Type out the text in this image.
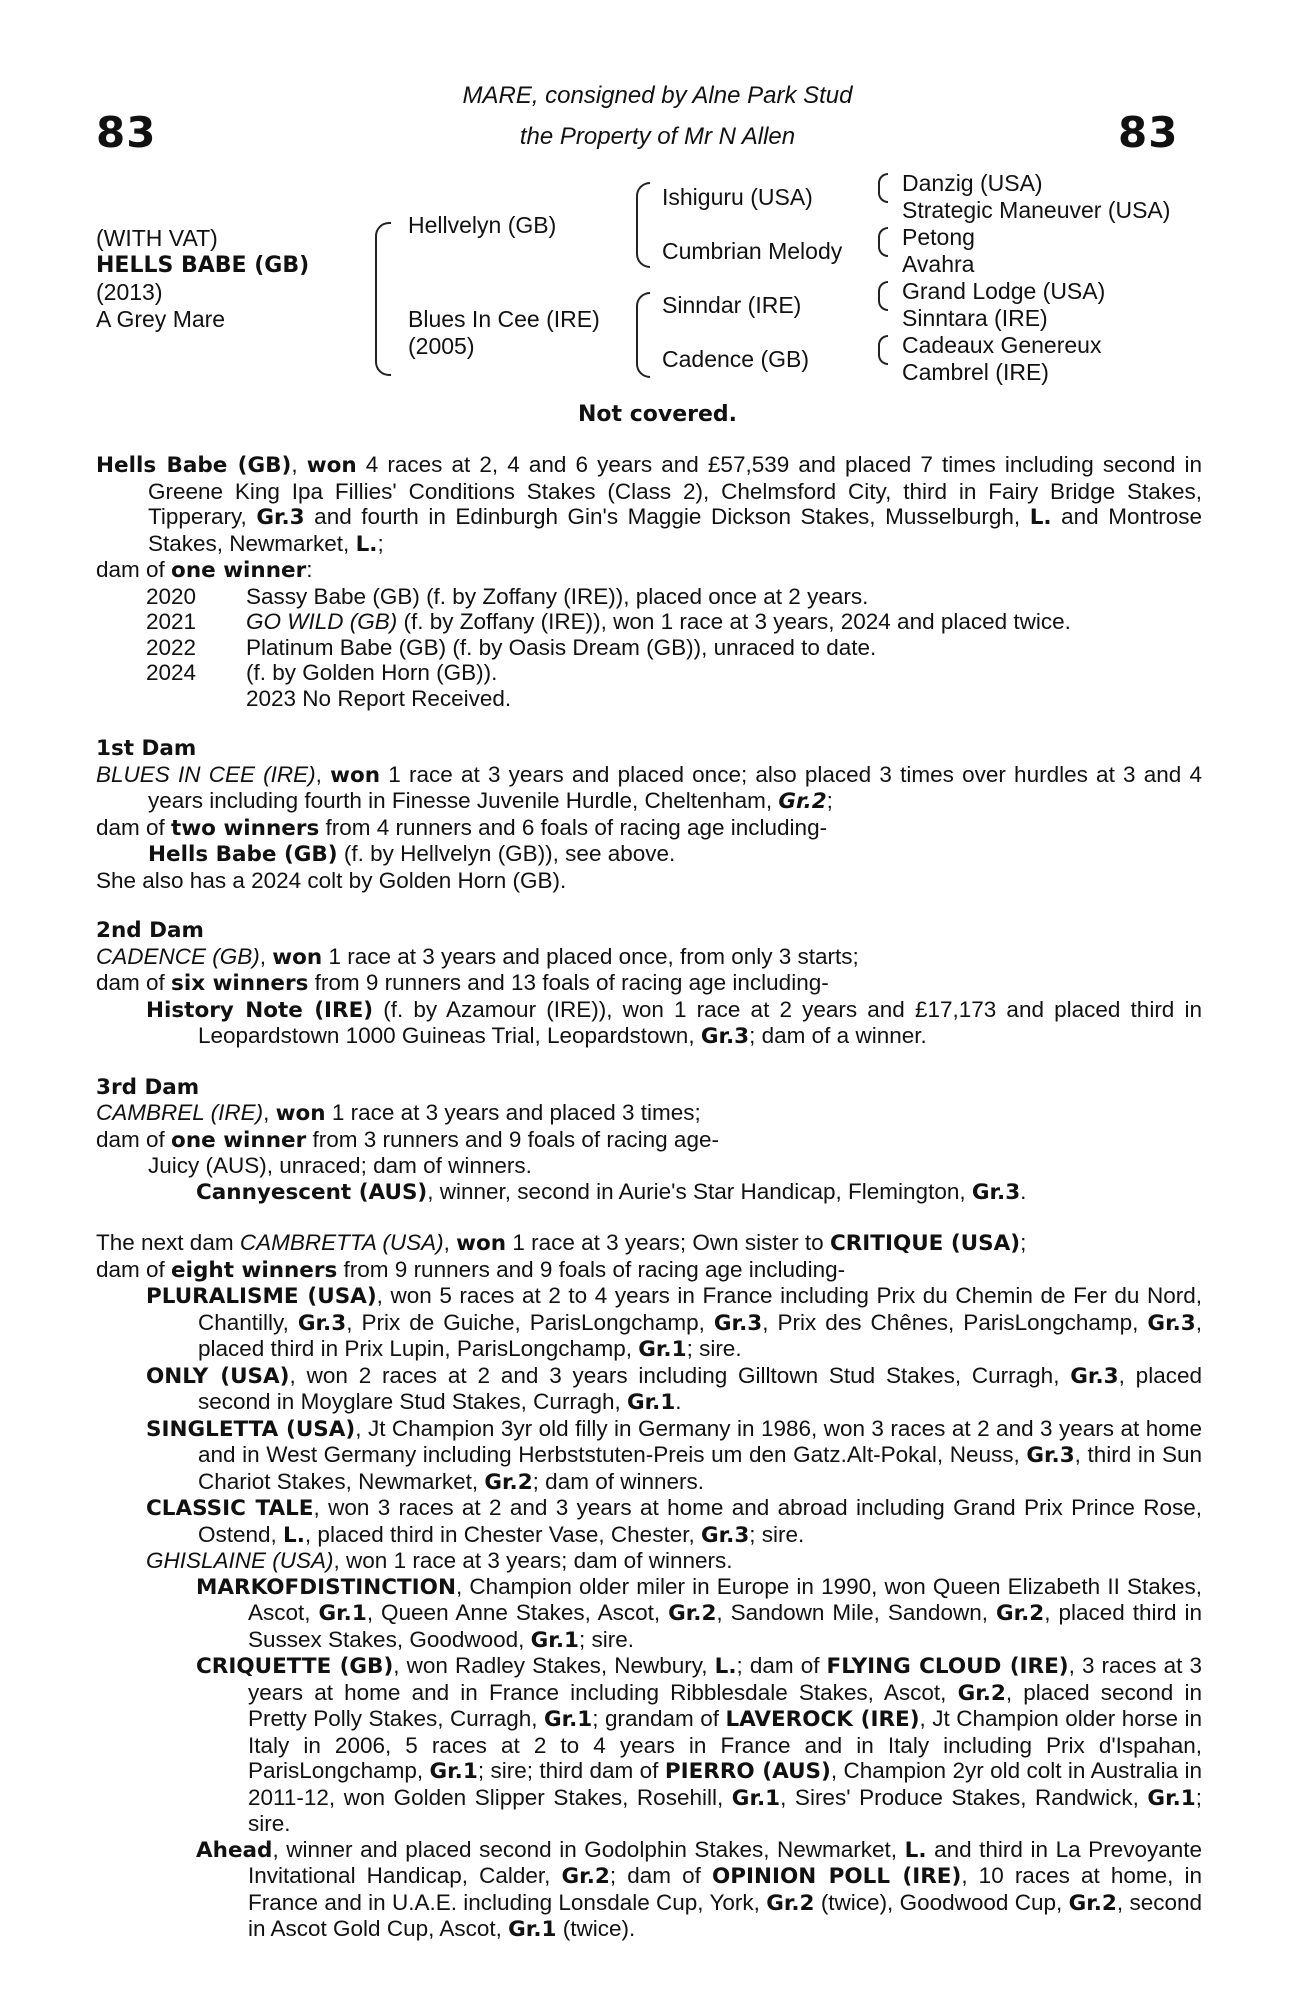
83	83
MARE, consigned by Alne Park Stud
the Property of Mr N Allen
(WITH VAT)
HELLS BABE (GB)
(2013)
A Grey Mare
Hellvelyn (GB)
Blues In Cee (IRE)
(2005)
Ishiguru (USA)
Cumbrian Melody
Sinndar (IRE)
Cadence (GB)
Danzig (USA)
Strategic Maneuver (USA)
Petong
Avahra
Grand Lodge (USA)
Sinntara (IRE)
Cadeaux Genereux
Cambrel (IRE)
Not covered.

Hells Babe (GB), won 4 races at 2, 4 and 6 years and £57,539 and placed 7 times including second in Greene King Ipa Fillies' Conditions Stakes (Class 2), Chelmsford City, third in Fairy Bridge Stakes, Tipperary, Gr.3 and fourth in Edinburgh Gin's Maggie Dickson Stakes, Musselburgh, L. and Montrose Stakes, Newmarket, L.;

dam of one winner:

2020	Sassy Babe (GB) (f. by Zoffany (IRE)), placed once at 2 years.
2021	GO WILD (GB) (f. by Zoffany (IRE)), won 1 race at 3 years, 2024 and placed twice.
2022	Platinum Babe (GB) (f. by Oasis Dream (GB)), unraced to date.
2024	(f. by Golden Horn (GB)).
2023 No Report Received.

1st Dam

BLUES IN CEE (IRE), won 1 race at 3 years and placed once; also placed 3 times over hurdles at 3 and 4 years including fourth in Finesse Juvenile Hurdle, Cheltenham, Gr.2;

dam of two winners from 4 runners and 6 foals of racing age including-

Hells Babe (GB) (f. by Hellvelyn (GB)), see above.

She also has a 2024 colt by Golden Horn (GB).

2nd Dam

CADENCE (GB), won 1 race at 3 years and placed once, from only 3 starts;

dam of six winners from 9 runners and 13 foals of racing age including-

History Note (IRE) (f. by Azamour (IRE)), won 1 race at 2 years and £17,173 and placed third in Leopardstown 1000 Guineas Trial, Leopardstown, Gr.3; dam of a winner.

3rd Dam

CAMBREL (IRE), won 1 race at 3 years and placed 3 times;

dam of one winner from 3 runners and 9 foals of racing age-

Juicy (AUS), unraced; dam of winners.

Cannyescent (AUS), winner, second in Aurie's Star Handicap, Flemington, Gr.3.

The next dam CAMBRETTA (USA), won 1 race at 3 years; Own sister to CRITIQUE (USA);

dam of eight winners from 9 runners and 9 foals of racing age including-

PLURALISME (USA), won 5 races at 2 to 4 years in France including Prix du Chemin de Fer du Nord, Chantilly, Gr.3, Prix de Guiche, ParisLongchamp, Gr.3, Prix des Chênes, ParisLongchamp, Gr.3, placed third in Prix Lupin, ParisLongchamp, Gr.1; sire.

ONLY (USA), won 2 races at 2 and 3 years including Gilltown Stud Stakes, Curragh, Gr.3, placed second in Moyglare Stud Stakes, Curragh, Gr.1.

SINGLETTA (USA), Jt Champion 3yr old filly in Germany in 1986, won 3 races at 2 and 3 years at home and in West Germany including Herbststuten-Preis um den Gatz.Alt-Pokal, Neuss, Gr.3, third in Sun Chariot Stakes, Newmarket, Gr.2; dam of winners.

CLASSIC TALE, won 3 races at 2 and 3 years at home and abroad including Grand Prix Prince Rose, Ostend, L., placed third in Chester Vase, Chester, Gr.3; sire.

GHISLAINE (USA), won 1 race at 3 years; dam of winners.

MARKOFDISTINCTION, Champion older miler in Europe in 1990, won Queen Elizabeth II Stakes, Ascot, Gr.1, Queen Anne Stakes, Ascot, Gr.2, Sandown Mile, Sandown, Gr.2, placed third in Sussex Stakes, Goodwood, Gr.1; sire.

CRIQUETTE (GB), won Radley Stakes, Newbury, L.; dam of FLYING CLOUD (IRE), 3 races at 3 years at home and in France including Ribblesdale Stakes, Ascot, Gr.2, placed second in Pretty Polly Stakes, Curragh, Gr.1; grandam of LAVEROCK (IRE), Jt Champion older horse in Italy in 2006, 5 races at 2 to 4 years in France and in Italy including Prix d'Ispahan, ParisLongchamp, Gr.1; sire; third dam of PIERRO (AUS), Champion 2yr old colt in Australia in 2011-12, won Golden Slipper Stakes, Rosehill, Gr.1, Sires' Produce Stakes, Randwick, Gr.1; sire.

Ahead, winner and placed second in Godolphin Stakes, Newmarket, L. and third in La Prevoyante Invitational Handicap, Calder, Gr.2; dam of OPINION POLL (IRE), 10 races at home, in France and in U.A.E. including Lonsdale Cup, York, Gr.2 (twice), Goodwood Cup, Gr.2, second in Ascot Gold Cup, Ascot, Gr.1 (twice).
